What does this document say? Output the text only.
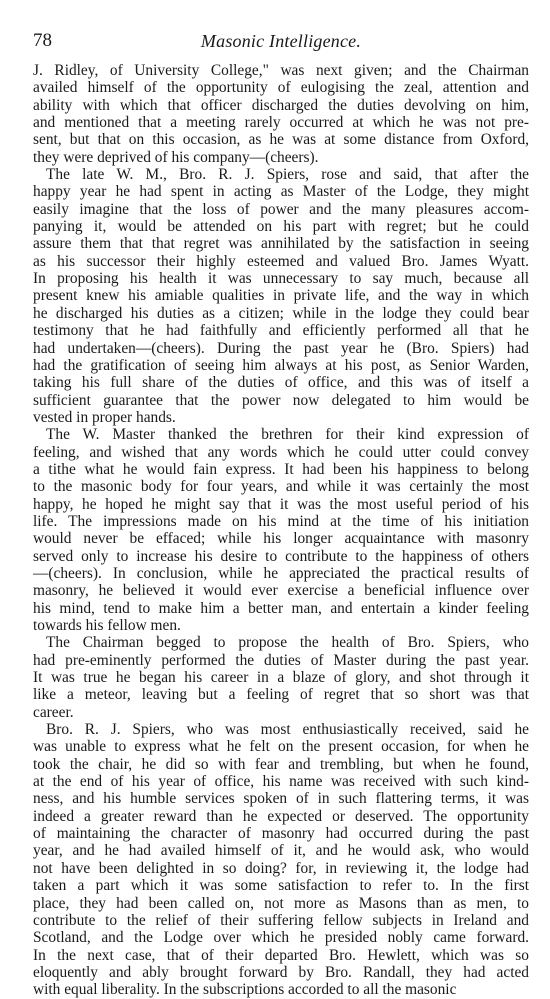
78	Masonic Intelligence.

J. Ridley, of University College," was next given; and the Chairman
availed himself of the opportunity of eulogising the zeal, attention and
ability with which that officer discharged the duties devolving on him,
and mentioned that a meeting rarely occurred at which he was not pre-
sent, but that on this occasion, as he was at some distance from Oxford,
they were deprived of his company—(cheers).

The late W. M., Bro. R. J. Spiers, rose and said, that after the
happy year he had spent in acting as Master of the Lodge, they might
easily imagine that the loss of power and the many pleasures accom-
panying it, would be attended on his part with regret; but he could
assure them that that regret was annihilated by the satisfaction in seeing
as his successor their highly esteemed and valued Bro. James Wyatt.
In proposing his health it was unnecessary to say much, because all
present knew his amiable qualities in private life, and the way in which
he discharged his duties as a citizen; while in the lodge they could bear
testimony that he had faithfully and efficiently performed all that he
had undertaken—(cheers). During the past year he (Bro. Spiers) had
had the gratification of seeing him always at his post, as Senior Warden,
taking his full share of the duties of office, and this was of itself a
sufficient guarantee that the power now delegated to him would be
vested in proper hands.

The W. Master thanked the brethren for their kind expression of
feeling, and wished that any words which he could utter could convey
a tithe what he would fain express. It had been his happiness to belong
to the masonic body for four years, and while it was certainly the most
happy, he hoped he might say that it was the most useful period of his
life. The impressions made on his mind at the time of his initiation
would never be effaced; while his longer acquaintance with masonry
served only to increase his desire to contribute to the happiness of others
—(cheers). In conclusion, while he appreciated the practical results of
masonry, he believed it would ever exercise a beneficial influence over
his mind, tend to make him a better man, and entertain a kinder feeling
towards his fellow men.

The Chairman begged to propose the health of Bro. Spiers, who
had pre-eminently performed the duties of Master during the past year.
It was true he began his career in a blaze of glory, and shot through it
like a meteor, leaving but a feeling of regret that so short was that
career.

Bro. R. J. Spiers, who was most enthusiastically received, said he
was unable to express what he felt on the present occasion, for when he
took the chair, he did so with fear and trembling, but when he found,
at the end of his year of office, his name was received with such kind-
ness, and his humble services spoken of in such flattering terms, it was
indeed a greater reward than he expected or deserved. The opportunity
of maintaining the character of masonry had occurred during the past
year, and he had availed himself of it, and he would ask, who would
not have been delighted in so doing? for, in reviewing it, the lodge had
taken a part which it was some satisfaction to refer to. In the first
place, they had been called on, not more as Masons than as men, to
contribute to the relief of their suffering fellow subjects in Ireland and
Scotland, and the Lodge over which he presided nobly came forward.
In the next case, that of their departed Bro. Hewlett, which was so
eloquently and ably brought forward by Bro. Randall, they had acted
with equal liberality. In the subscriptions accorded to all the masonic
